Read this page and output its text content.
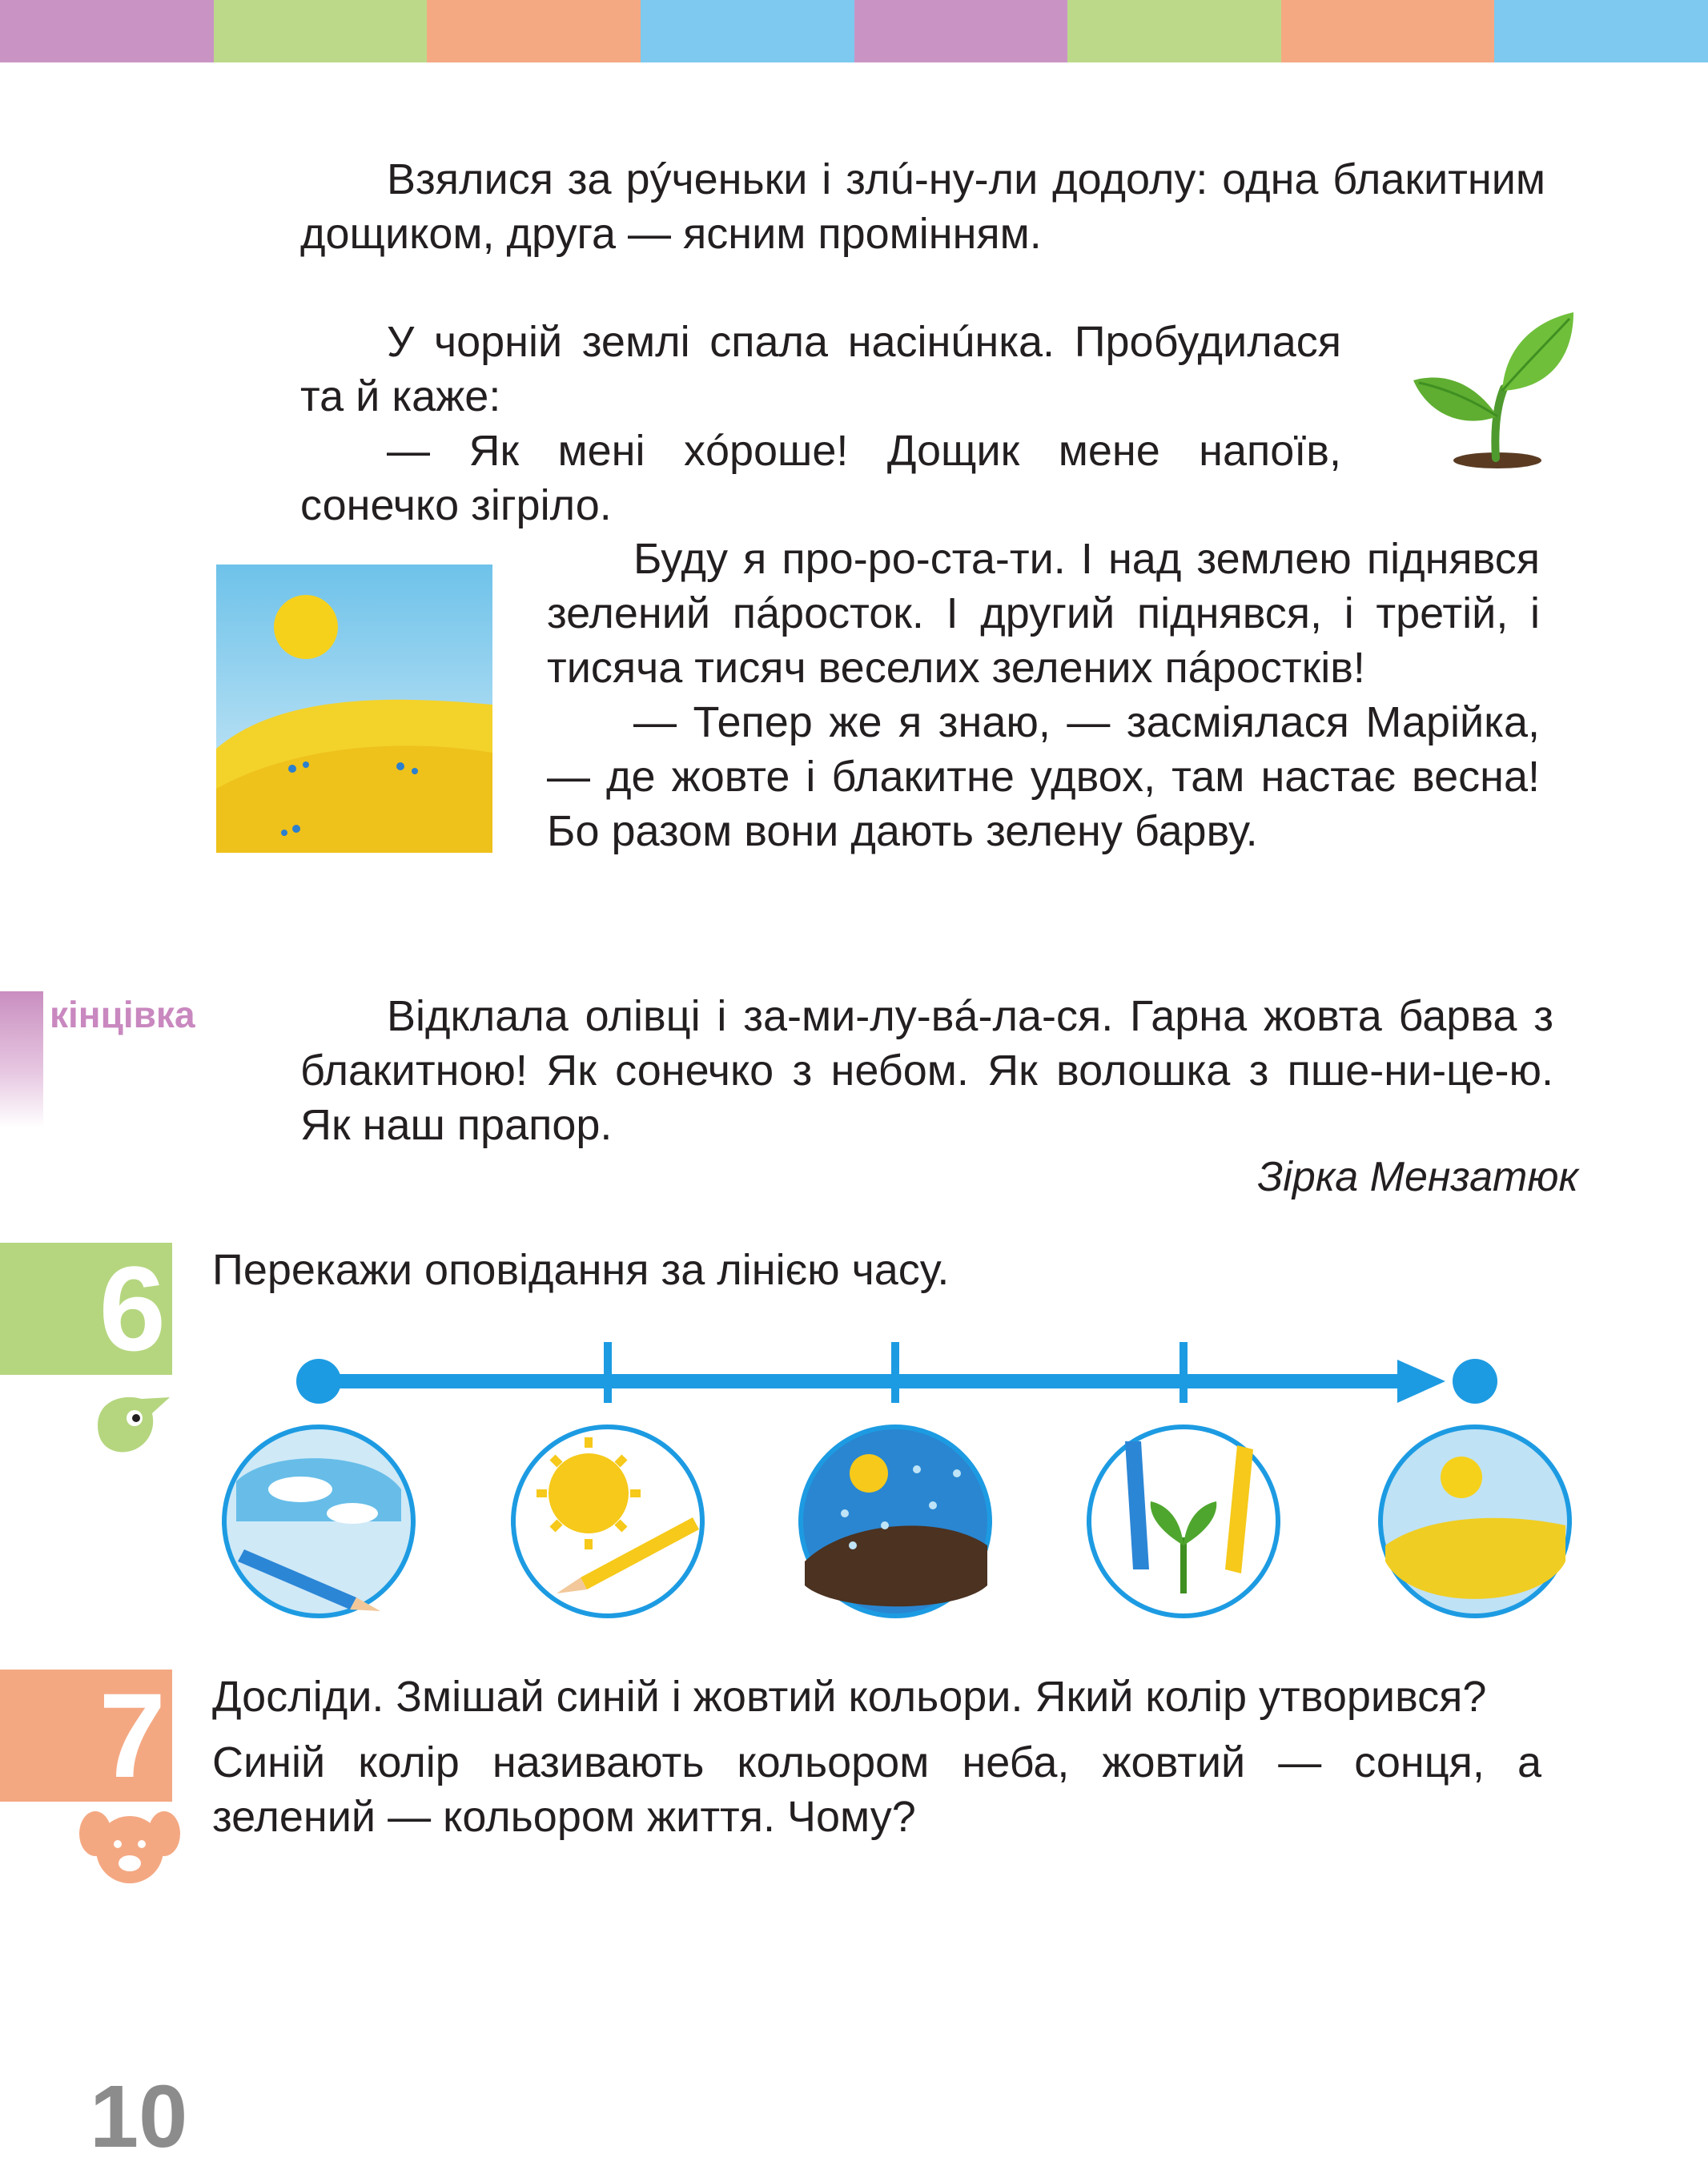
Взялися за рýченьки і злú-ну-ли додолу: одна блакитним дощиком, друга — ясним промінням.

У чорній землі спала насінúнка. Пробудилася та й каже:

— Як мені хóроше! Дощик мене напоїв, сонечко зігріло.

Буду я про-ро-ста-ти. І над землею піднявся зелений пáросток. І другий піднявся, і третій, і тисяча тисяч веселих зелених пáростків!

— Тепер же я знаю, — засміялася Марійка, — де жовте і блакитне удвох, там настає весна! Бо разом вони дають зелену барву.

кінцівка	Відклала олівці і за-ми-лу-вá-ла-ся. Гарна жовта барва з блакитною! Як сонечко з небом. Як волошка з пше-ни-це-ю. Як наш прапор.

Зірка Мензатюк
6 Перекажи оповідання за лінією часу.

7 Досліди. Змішай синій і жовтий кольори. Який колір утворився?

Синій колір називають кольором неба, жовтий — сонця, а зелений — кольором життя. Чому?

10
